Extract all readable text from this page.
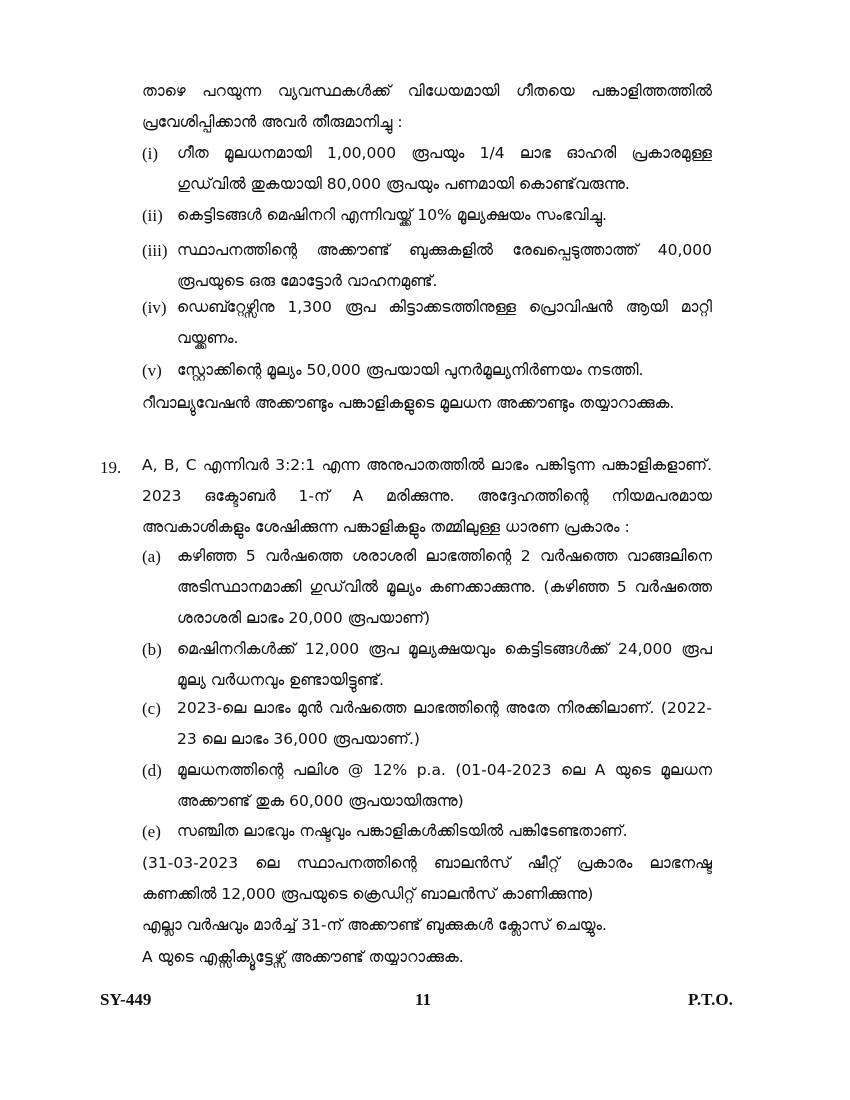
താഴെ പറയുന്ന വ്യവസ്ഥകൾക്ക് വിധേയമായി ഗീതയെ പങ്കാളിത്തത്തിൽ പ്രവേശിപ്പിക്കാൻ അവർ തീരുമാനിച്ചു :
(i) ഗീത മൂലധനമായി 1,00,000 രൂപയും 1/4 ലാഭ ഓഹരി പ്രകാരമുള്ള ഗുഡ്‌വിൽ തുകയായി 80,000 രൂപയും പണമായി കൊണ്ട്‌വരുന്നു.
(ii) കെട്ടിടങ്ങൾ മെഷിനറി എന്നിവയ്ക്ക് 10% മൂല്യക്ഷയം സംഭവിച്ചു.
(iii) സ്ഥാപനത്തിന്റെ അക്കൗണ്ട് ബുക്കുകളിൽ രേഖപ്പെടുത്താത്ത് 40,000 രൂപയുടെ ഒരു മോട്ടോർ വാഹനമുണ്ട്.
(iv) ഡെബ്റ്റേഴ്സിനു 1,300 രൂപ കിട്ടാക്കടത്തിനുള്ള പ്രൊവിഷൻ ആയി മാറ്റി വയ്ക്കണം.
(v) സ്റ്റോക്കിന്റെ മൂല്യം 50,000 രൂപയായി പുനർമൂല്യനിർണയം നടത്തി.
റീവാല്യുവേഷൻ അക്കൗണ്ടും പങ്കാളികളുടെ മൂലധന അക്കൗണ്ടും തയ്യാറാക്കുക.
19. A, B, C എന്നിവർ 3:2:1 എന്ന അനുപാതത്തിൽ ലാഭം പങ്കിടുന്ന പങ്കാളികളാണ്. 2023 ഒക്ടോബർ 1-ന് A മരിക്കുന്നു. അദ്ദേഹത്തിന്റെ നിയമപരമായ അവകാശികളും ശേഷിക്കുന്ന പങ്കാളികളും തമ്മിലുള്ള ധാരണ പ്രകാരം :
(a) കഴിഞ്ഞ 5 വർഷത്തെ ശരാശരി ലാഭത്തിന്റെ 2 വർഷത്തെ വാങ്ങലിനെ അടിസ്ഥാനമാക്കി ഗുഡ്‌വിൽ മൂല്യം കണക്കാക്കുന്നു. (കഴിഞ്ഞ 5 വർഷത്തെ ശരാശരി ലാഭം 20,000 രൂപയാണ്)
(b) മെഷിനറികൾക്ക് 12,000 രൂപ മൂല്യക്ഷയവും കെട്ടിടങ്ങൾക്ക് 24,000 രൂപ മൂല്യ വർധനവും ഉണ്ടായിട്ടുണ്ട്.
(c) 2023-ലെ ലാഭം മുൻ വർഷത്തെ ലാഭത്തിന്റെ അതേ നിരക്കിലാണ്. (2022-23 ലെ ലാഭം 36,000 രൂപയാണ്.)
(d) മൂലധനത്തിന്റെ പലിശ @ 12% p.a. (01-04-2023 ലെ A യുടെ മൂലധന അക്കൗണ്ട് തുക 60,000 രൂപയായിരുന്നു)
(e) സഞ്ചിത ലാഭവും നഷ്ടവും പങ്കാളികൾക്കിടയിൽ പങ്കിടേണ്ടതാണ്.
(31-03-2023 ലെ സ്ഥാപനത്തിന്റെ ബാലൻസ് ഷീറ്റ് പ്രകാരം ലാഭനഷ്ട കണക്കിൽ 12,000 രൂപയുടെ ക്രെഡിറ്റ് ബാലൻസ് കാണിക്കുന്നു)
എല്ലാ വർഷവും മാർച്ച് 31-ന് അക്കൗണ്ട് ബുക്കുകൾ ക്ലോസ് ചെയ്യും.
A യുടെ എക്സിക്യൂട്ടേഴ്സ് അക്കൗണ്ട് തയ്യാറാക്കുക.
SY-449	11	P.T.O.
